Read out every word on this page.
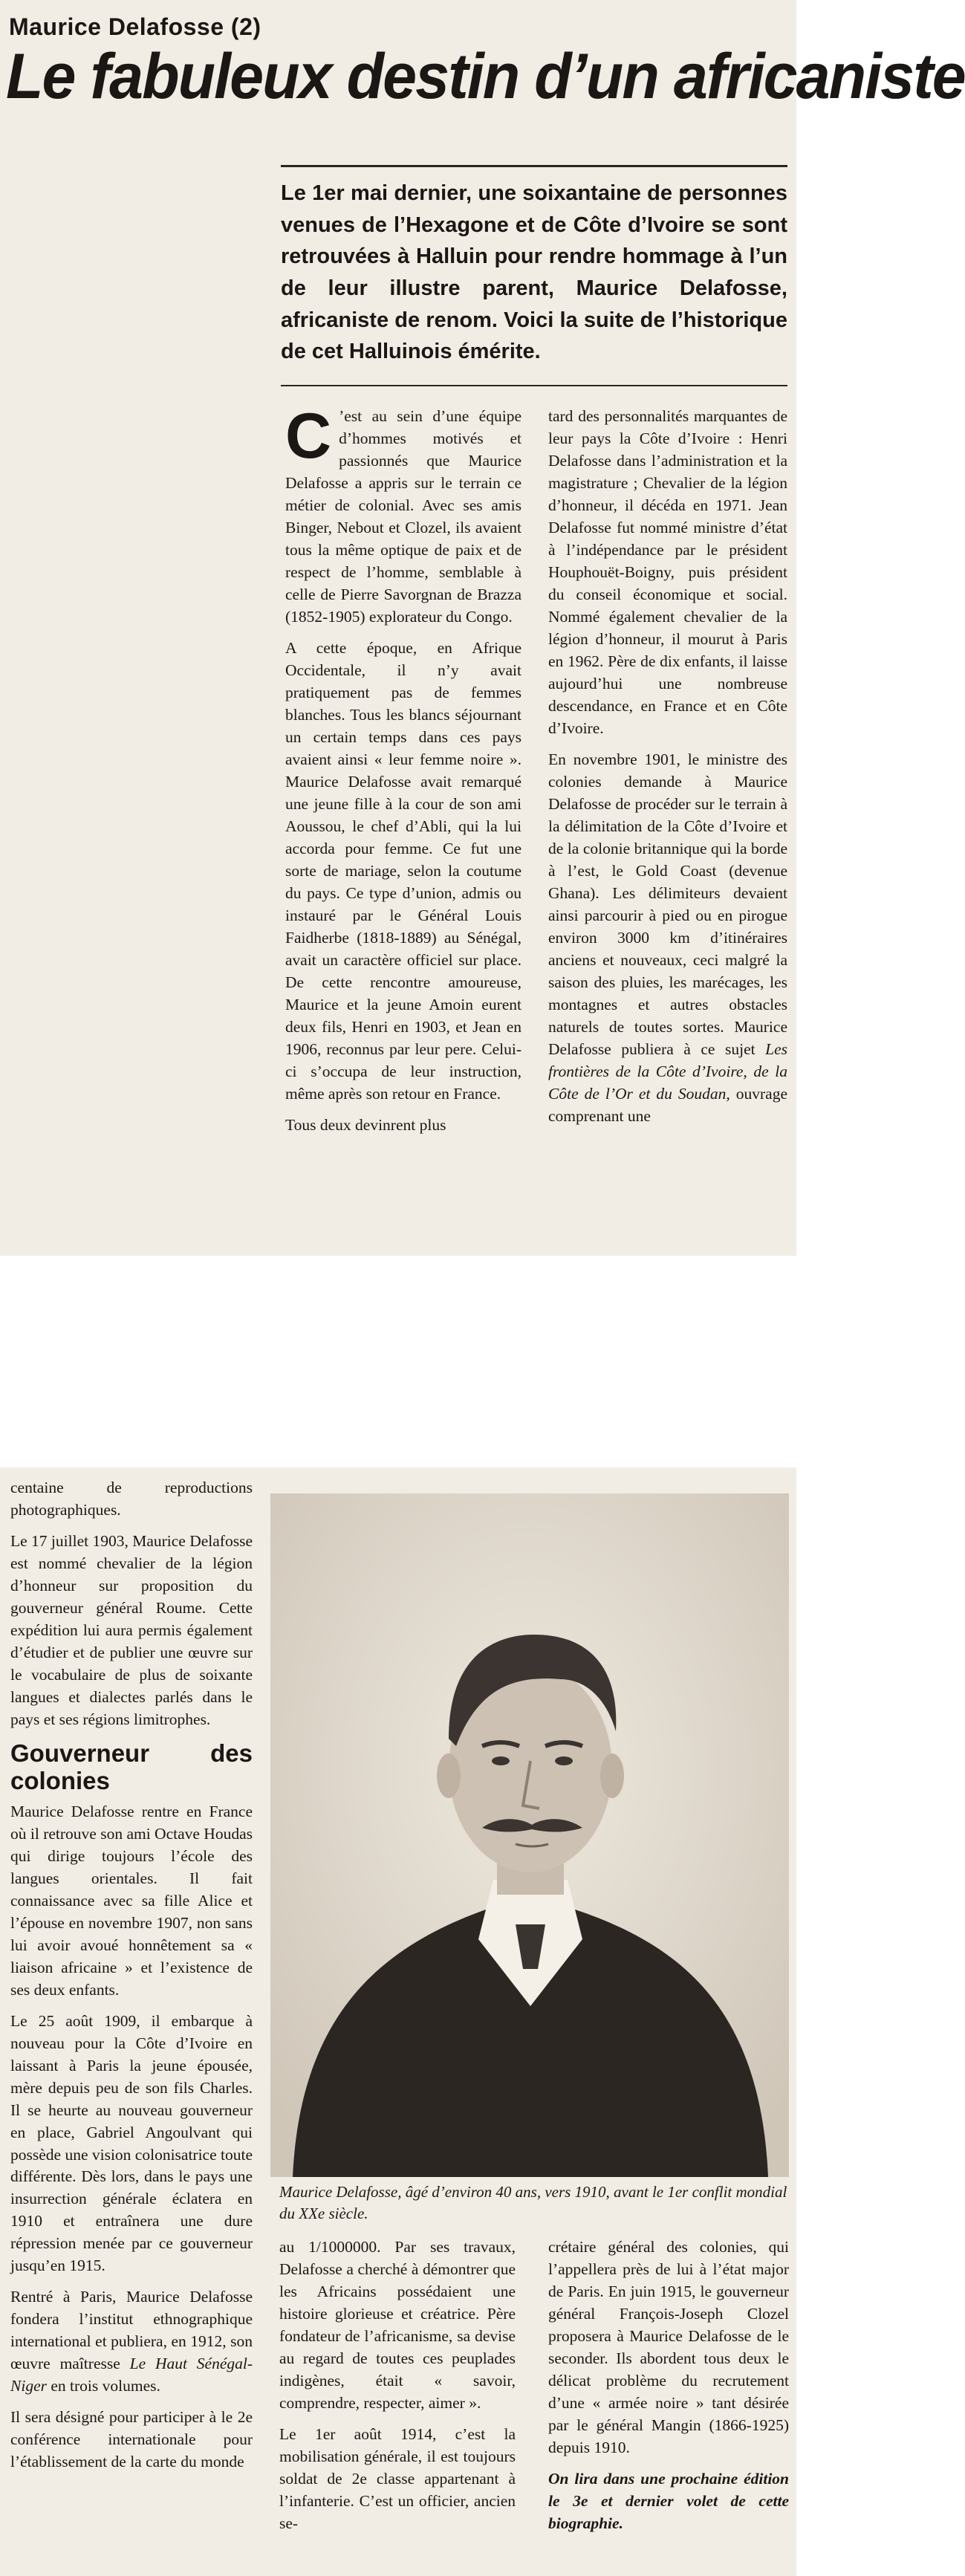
Maurice Delafosse (2)
Le fabuleux destin d’un africaniste
Le 1er mai dernier, une soixantaine de personnes venues de l’Hexagone et de Côte d’Ivoire se sont retrouvées à Halluin pour rendre hommage à l’un de leur illustre parent, Maurice Delafosse, africaniste de renom. Voici la suite de l’historique de cet Halluinois émérite.

C ’est au sein d’une équipe d’hommes motivés et passionnés que Maurice Delafosse a appris sur le terrain ce métier de colonial. Avec ses amis Binger, Nebout et Clozel, ils avaient tous la même optique de paix et de respect de l’homme, semblable à celle de Pierre Savorgnan de Brazza (1852-1905) explorateur du Congo.

A cette époque, en Afrique Occidentale, il n’y avait pratiquement pas de femmes blanches. Tous les blancs séjournant un certain temps dans ces pays avaient ainsi « leur femme noire ». Maurice Delafosse avait remarqué une jeune fille à la cour de son ami Aoussou, le chef d’Abli, qui la lui accorda pour femme. Ce fut une sorte de mariage, selon la coutume du pays. Ce type d’union, admis ou instauré par le Général Louis Faidherbe (1818-1889) au Sénégal, avait un caractère officiel sur place. De cette rencontre amoureuse, Maurice et la jeune Amoin eurent deux fils, Henri en 1903, et Jean en 1906, reconnus par leur pere. Celui-ci s’occupa de leur instruction, même après son retour en France.

Tous deux devinrent plus

tard des personnalités marquantes de leur pays la Côte d’Ivoire : Henri Delafosse dans l’administration et la magistrature ; Chevalier de la légion d’honneur, il décéda en 1971. Jean Delafosse fut nommé ministre d’état à l’indépendance par le président Houphouët-Boigny, puis président du conseil économique et social. Nommé également chevalier de la légion d’honneur, il mourut à Paris en 1962. Père de dix enfants, il laisse aujourd’hui une nombreuse descendance, en France et en Côte d’Ivoire.

En novembre 1901, le ministre des colonies demande à Maurice Delafosse de procéder sur le terrain à la délimitation de la Côte d’Ivoire et de la colonie britannique qui la borde à l’est, le Gold Coast (devenue Ghana). Les délimiteurs devaient ainsi parcourir à pied ou en pirogue environ 3000 km d’itinéraires anciens et nouveaux, ceci malgré la saison des pluies, les marécages, les montagnes et autres obstacles naturels de toutes sortes. Maurice Delafosse publiera à ce sujet Les frontières de la Côte d’Ivoire, de la Côte de l’Or et du Soudan, ouvrage comprenant une

centaine de reproductions photographiques.

Le 17 juillet 1903, Maurice Delafosse est nommé chevalier de la légion d’honneur sur proposition du gouverneur général Roume. Cette expédition lui aura permis également d’étudier et de publier une œuvre sur le vocabulaire de plus de soixante langues et dialectes parlés dans le pays et ses régions limitrophes.

Gouverneur des colonies

Maurice Delafosse rentre en France où il retrouve son ami Octave Houdas qui dirige toujours l’école des langues orientales. Il fait connaissance avec sa fille Alice et l’épouse en novembre 1907, non sans lui avoir avoué honnêtement sa « liaison africaine » et l’existence de ses deux enfants.

Le 25 août 1909, il embarque à nouveau pour la Côte d’Ivoire en laissant à Paris la jeune épousée, mère depuis peu de son fils Charles. Il se heurte au nouveau gouverneur en place, Gabriel Angoulvant qui possède une vision colonisatrice toute différente. Dès lors, dans le pays une insurrection générale éclatera en 1910 et entraînera une dure répression menée par ce gouverneur jusqu’en 1915.

Rentré à Paris, Maurice Delafosse fondera l’institut ethnographique international et publiera, en 1912, son œuvre maîtresse Le Haut Sénégal-Niger en trois volumes.

Il sera désigné pour participer à le 2e conférence internationale pour l’établissement de la carte du monde

Maurice Delafosse, âgé d’environ 40 ans, vers 1910, avant le 1er conflit mondial du XXe siècle.

au 1/1000000. Par ses travaux, Delafosse a cherché à démontrer que les Africains possédaient une histoire glorieuse et créatrice. Père fondateur de l’africanisme, sa devise au regard de toutes ces peuplades indigènes, était « savoir, comprendre, respecter, aimer ».

Le 1er août 1914, c’est la mobilisation générale, il est toujours soldat de 2e classe appartenant à l’infanterie. C’est un officier, ancien se-

crétaire général des colonies, qui l’appellera près de lui à l’état major de Paris. En juin 1915, le gouverneur général François-Joseph Clozel proposera à Maurice Delafosse de le seconder. Ils abordent tous deux le délicat problème du recrutement d’une « armée noire » tant désirée par le général Mangin (1866-1925) depuis 1910.

On lira dans une prochaine édition le 3e et dernier volet de cette biographie.
